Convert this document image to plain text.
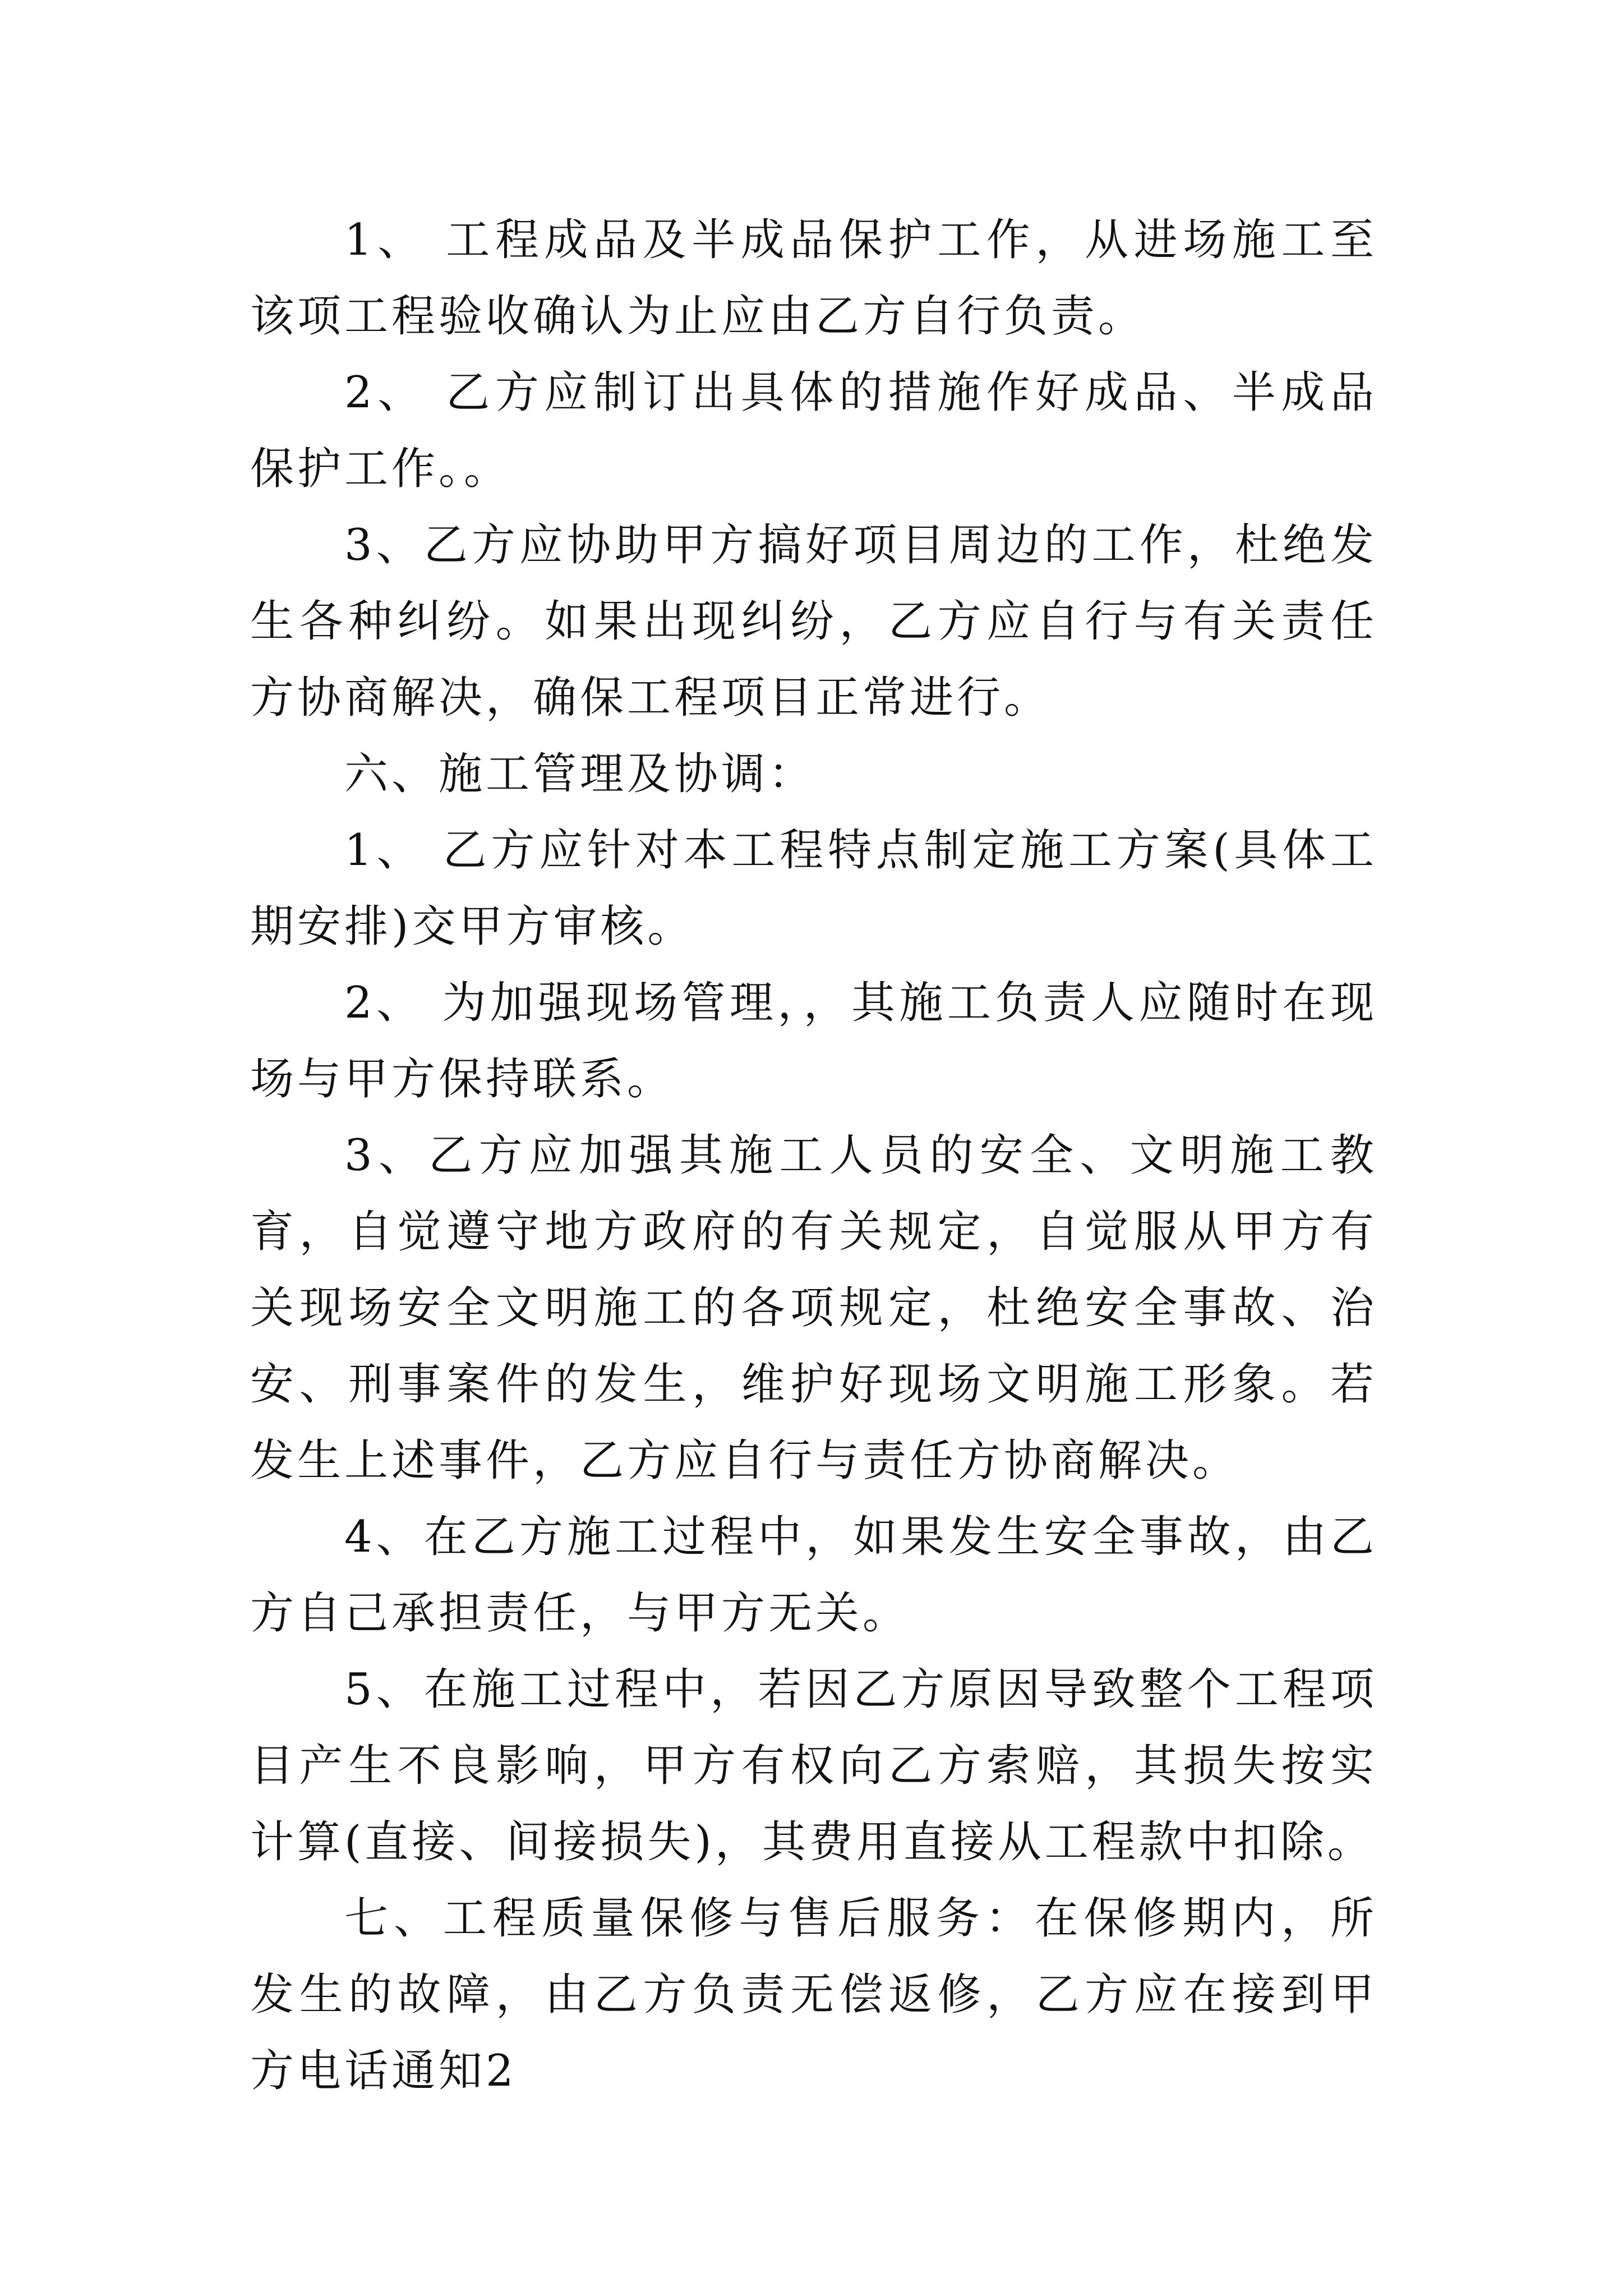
1、 工程成品及半成品保护工作，从进场施工至该项工程验收确认为止应由乙方自行负责。

2、 乙方应制订出具体的措施作好成品、半成品保护工作。。

3、乙方应协助甲方搞好项目周边的工作，杜绝发生各种纠纷。如果出现纠纷，乙方应自行与有关责任方协商解决，确保工程项目正常进行。

六、施工管理及协调：

1、 乙方应针对本工程特点制定施工方案(具体工期安排)交甲方审核。

2、 为加强现场管理，，其施工负责人应随时在现场与甲方保持联系。

3、乙方应加强其施工人员的安全、文明施工教育，自觉遵守地方政府的有关规定，自觉服从甲方有关现场安全文明施工的各项规定，杜绝安全事故、治安、刑事案件的发生，维护好现场文明施工形象。若发生上述事件，乙方应自行与责任方协商解决。

4、在乙方施工过程中，如果发生安全事故，由乙方自己承担责任，与甲方无关。

5、在施工过程中，若因乙方原因导致整个工程项目产生不良影响，甲方有权向乙方索赔，其损失按实计算(直接、间接损失)，其费用直接从工程款中扣除。

七、工程质量保修与售后服务：在保修期内，所发生的故障，由乙方负责无偿返修，乙方应在接到甲方电话通知2
